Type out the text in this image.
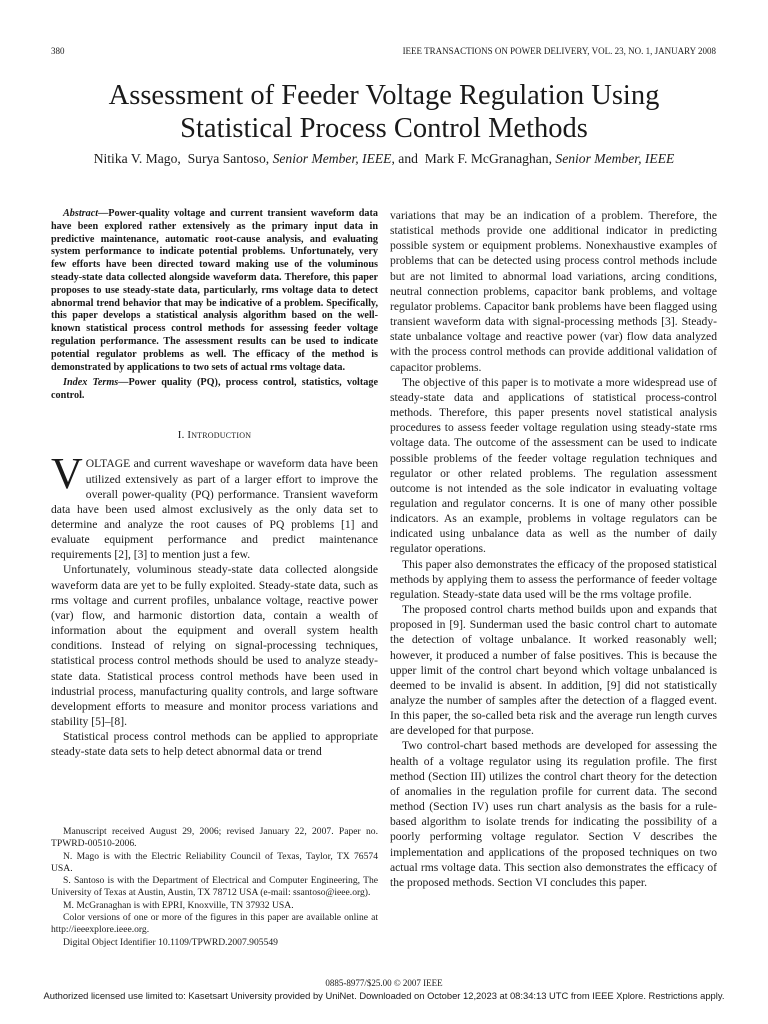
380	IEEE TRANSACTIONS ON POWER DELIVERY, VOL. 23, NO. 1, JANUARY 2008
Assessment of Feeder Voltage Regulation Using
Statistical Process Control Methods
Nitika V. Mago, Surya Santoso, Senior Member, IEEE, and Mark F. McGranaghan, Senior Member, IEEE

Abstract—Power-quality voltage and current transient waveform data have been explored rather extensively as the primary input data in predictive maintenance, automatic root-cause analysis, and evaluating system performance to indicate potential problems. Unfortunately, very few efforts have been directed toward making use of the voluminous steady-state data collected alongside waveform data. Therefore, this paper proposes to use steady-state data, particularly, rms voltage data to detect abnormal trend behavior that may be indicative of a problem. Specifically, this paper develops a statistical analysis algorithm based on the well-known statistical process control methods for assessing feeder voltage regulation performance. The assessment results can be used to indicate potential regulator problems as well. The efficacy of the method is demonstrated by applications to two sets of actual rms voltage data.

Index Terms—Power quality (PQ), process control, statistics, voltage control.

I. Introduction

VOLTAGE and current waveshape or waveform data have been utilized extensively as part of a larger effort to improve the overall power-quality (PQ) performance. Transient waveform data have been used almost exclusively as the only data set to determine and analyze the root causes of PQ problems [1] and evaluate equipment performance and predict maintenance requirements [2], [3] to mention just a few.

Unfortunately, voluminous steady-state data collected alongside waveform data are yet to be fully exploited. Steady-state data, such as rms voltage and current profiles, unbalance voltage, reactive power (var) flow, and harmonic distortion data, contain a wealth of information about the equipment and overall system health conditions. Instead of relying on signal-processing techniques, statistical process control methods should be used to analyze steady-state data. Statistical process control methods have been used in industrial process, manufacturing quality controls, and large software development efforts to measure and monitor process variations and stability [5]–[8].

Statistical process control methods can be applied to appropriate steady-state data sets to help detect abnormal data or trend

Manuscript received August 29, 2006; revised January 22, 2007. Paper no. TPWRD-00510-2006.

N. Mago is with the Electric Reliability Council of Texas, Taylor, TX 76574 USA.

S. Santoso is with the Department of Electrical and Computer Engineering, The University of Texas at Austin, Austin, TX 78712 USA (e-mail: ssantoso@ieee.org).

M. McGranaghan is with EPRI, Knoxville, TN 37932 USA.

Color versions of one or more of the figures in this paper are available online at http://ieeexplore.ieee.org.

Digital Object Identifier 10.1109/TPWRD.2007.905549

variations that may be an indication of a problem. Therefore, the statistical methods provide one additional indicator in predicting possible system or equipment problems. Nonexhaustive examples of problems that can be detected using process control methods include but are not limited to abnormal load variations, arcing conditions, neutral connection problems, capacitor bank problems, and voltage regulator problems. Capacitor bank problems have been flagged using transient waveform data with signal-processing methods [3]. Steady-state unbalance voltage and reactive power (var) flow data analyzed with the process control methods can provide additional validation of capacitor problems.

The objective of this paper is to motivate a more widespread use of steady-state data and applications of statistical process-control methods. Therefore, this paper presents novel statistical analysis procedures to assess feeder voltage regulation using steady-state rms voltage data. The outcome of the assessment can be used to indicate possible problems of the feeder voltage regulation techniques and regulator or other related problems. The regulation assessment outcome is not intended as the sole indicator in evaluating voltage regulation and regulator concerns. It is one of many other possible indicators. As an example, problems in voltage regulators can be indicated using unbalance data as well as the number of daily regulator operations.

This paper also demonstrates the efficacy of the proposed statistical methods by applying them to assess the performance of feeder voltage regulation. Steady-state data used will be the rms voltage profile.

The proposed control charts method builds upon and expands that proposed in [9]. Sunderman used the basic control chart to automate the detection of voltage unbalance. It worked reasonably well; however, it produced a number of false positives. This is because the upper limit of the control chart beyond which voltage unbalanced is deemed to be invalid is absent. In addition, [9] did not statistically analyze the number of samples after the detection of a flagged event. In this paper, the so-called beta risk and the average run length curves are developed for that purpose.

Two control-chart based methods are developed for assessing the health of a voltage regulator using its regulation profile. The first method (Section III) utilizes the control chart theory for the detection of anomalies in the regulation profile for current data. The second method (Section IV) uses run chart analysis as the basis for a rule-based algorithm to isolate trends for indicating the possibility of a poorly performing voltage regulator. Section V describes the implementation and applications of the proposed techniques on two actual rms voltage data. This section also demonstrates the efficacy of the proposed methods. Section VI concludes this paper.

0885-8977/$25.00 © 2007 IEEE
Authorized licensed use limited to: Kasetsart University provided by UniNet. Downloaded on October 12,2023 at 08:34:13 UTC from IEEE Xplore. Restrictions apply.
